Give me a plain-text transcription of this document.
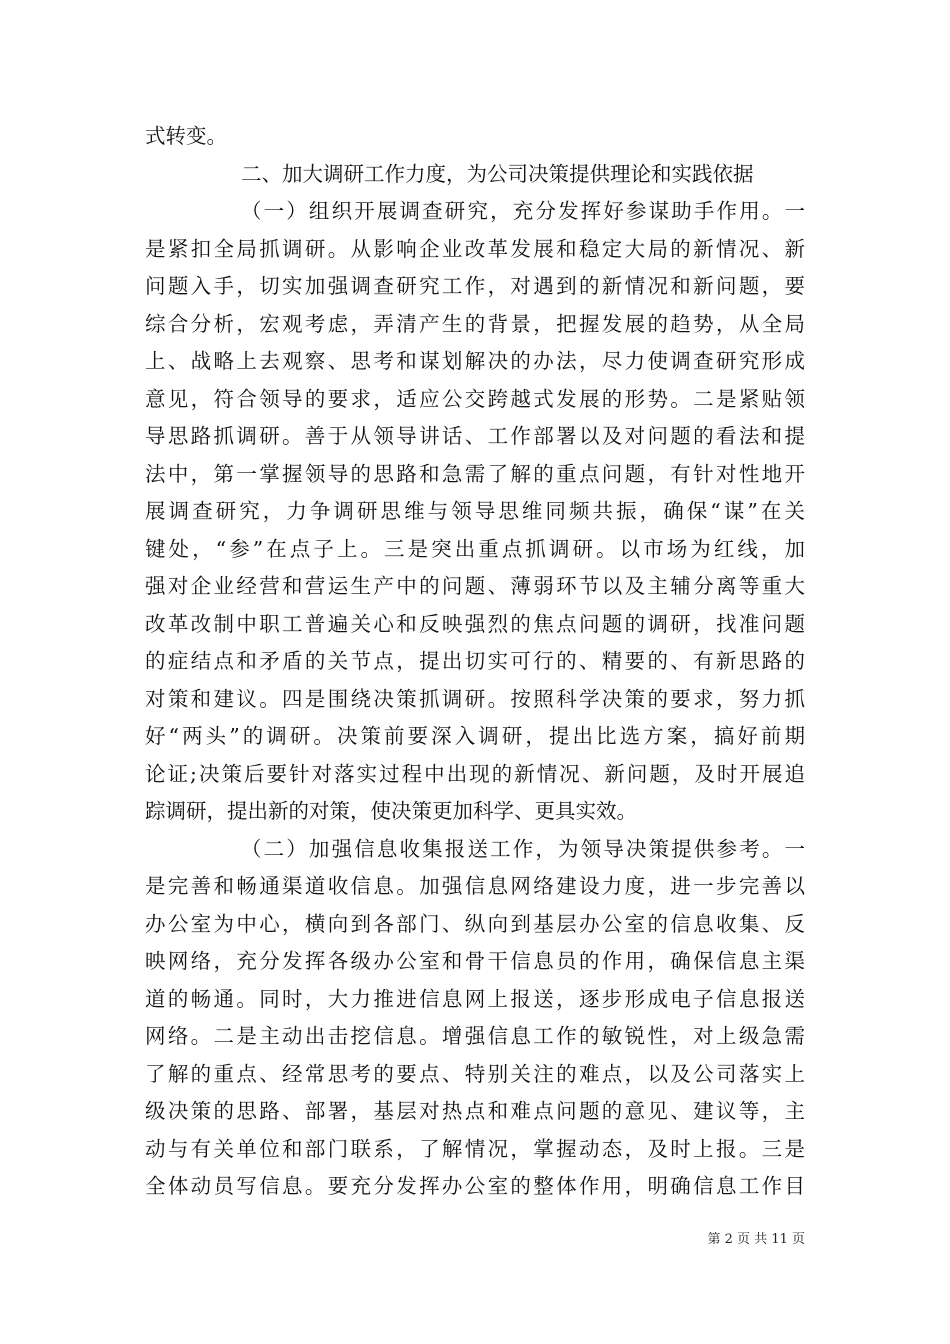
式转变。
二、加大调研工作力度，为公司决策提供理论和实践依据
（一）组织开展调查研究，充分发挥好参谋助手作用。一
是紧扣全局抓调研。从影响企业改革发展和稳定大局的新情况、新
问题入手，切实加强调查研究工作，对遇到的新情况和新问题，要
综合分析，宏观考虑，弄清产生的背景，把握发展的趋势，从全局
上、战略上去观察、思考和谋划解决的办法，尽力使调查研究形成
意见，符合领导的要求，适应公交跨越式发展的形势。二是紧贴领
导思路抓调研。善于从领导讲话、工作部署以及对问题的看法和提
法中，第一掌握领导的思路和急需了解的重点问题，有针对性地开
展调查研究，力争调研思维与领导思维同频共振，确保“谋”在关
键处，“参”在点子上。三是突出重点抓调研。以市场为红线，加
强对企业经营和营运生产中的问题、薄弱环节以及主辅分离等重大
改革改制中职工普遍关心和反映强烈的焦点问题的调研，找准问题
的症结点和矛盾的关节点，提出切实可行的、精要的、有新思路的
对策和建议。四是围绕决策抓调研。按照科学决策的要求，努力抓
好“两头”的调研。决策前要深入调研，提出比选方案，搞好前期
论证;决策后要针对落实过程中出现的新情况、新问题，及时开展追
踪调研，提出新的对策，使决策更加科学、更具实效。
（二）加强信息收集报送工作，为领导决策提供参考。一
是完善和畅通渠道收信息。加强信息网络建设力度，进一步完善以
办公室为中心，横向到各部门、纵向到基层办公室的信息收集、反
映网络，充分发挥各级办公室和骨干信息员的作用，确保信息主渠
道的畅通。同时，大力推进信息网上报送，逐步形成电子信息报送
网络。二是主动出击挖信息。增强信息工作的敏锐性，对上级急需
了解的重点、经常思考的要点、特别关注的难点，以及公司落实上
级决策的思路、部署，基层对热点和难点问题的意见、建议等，主
动与有关单位和部门联系，了解情况，掌握动态，及时上报。三是
全体动员写信息。要充分发挥办公室的整体作用，明确信息工作目
第 2 页 共 11 页
